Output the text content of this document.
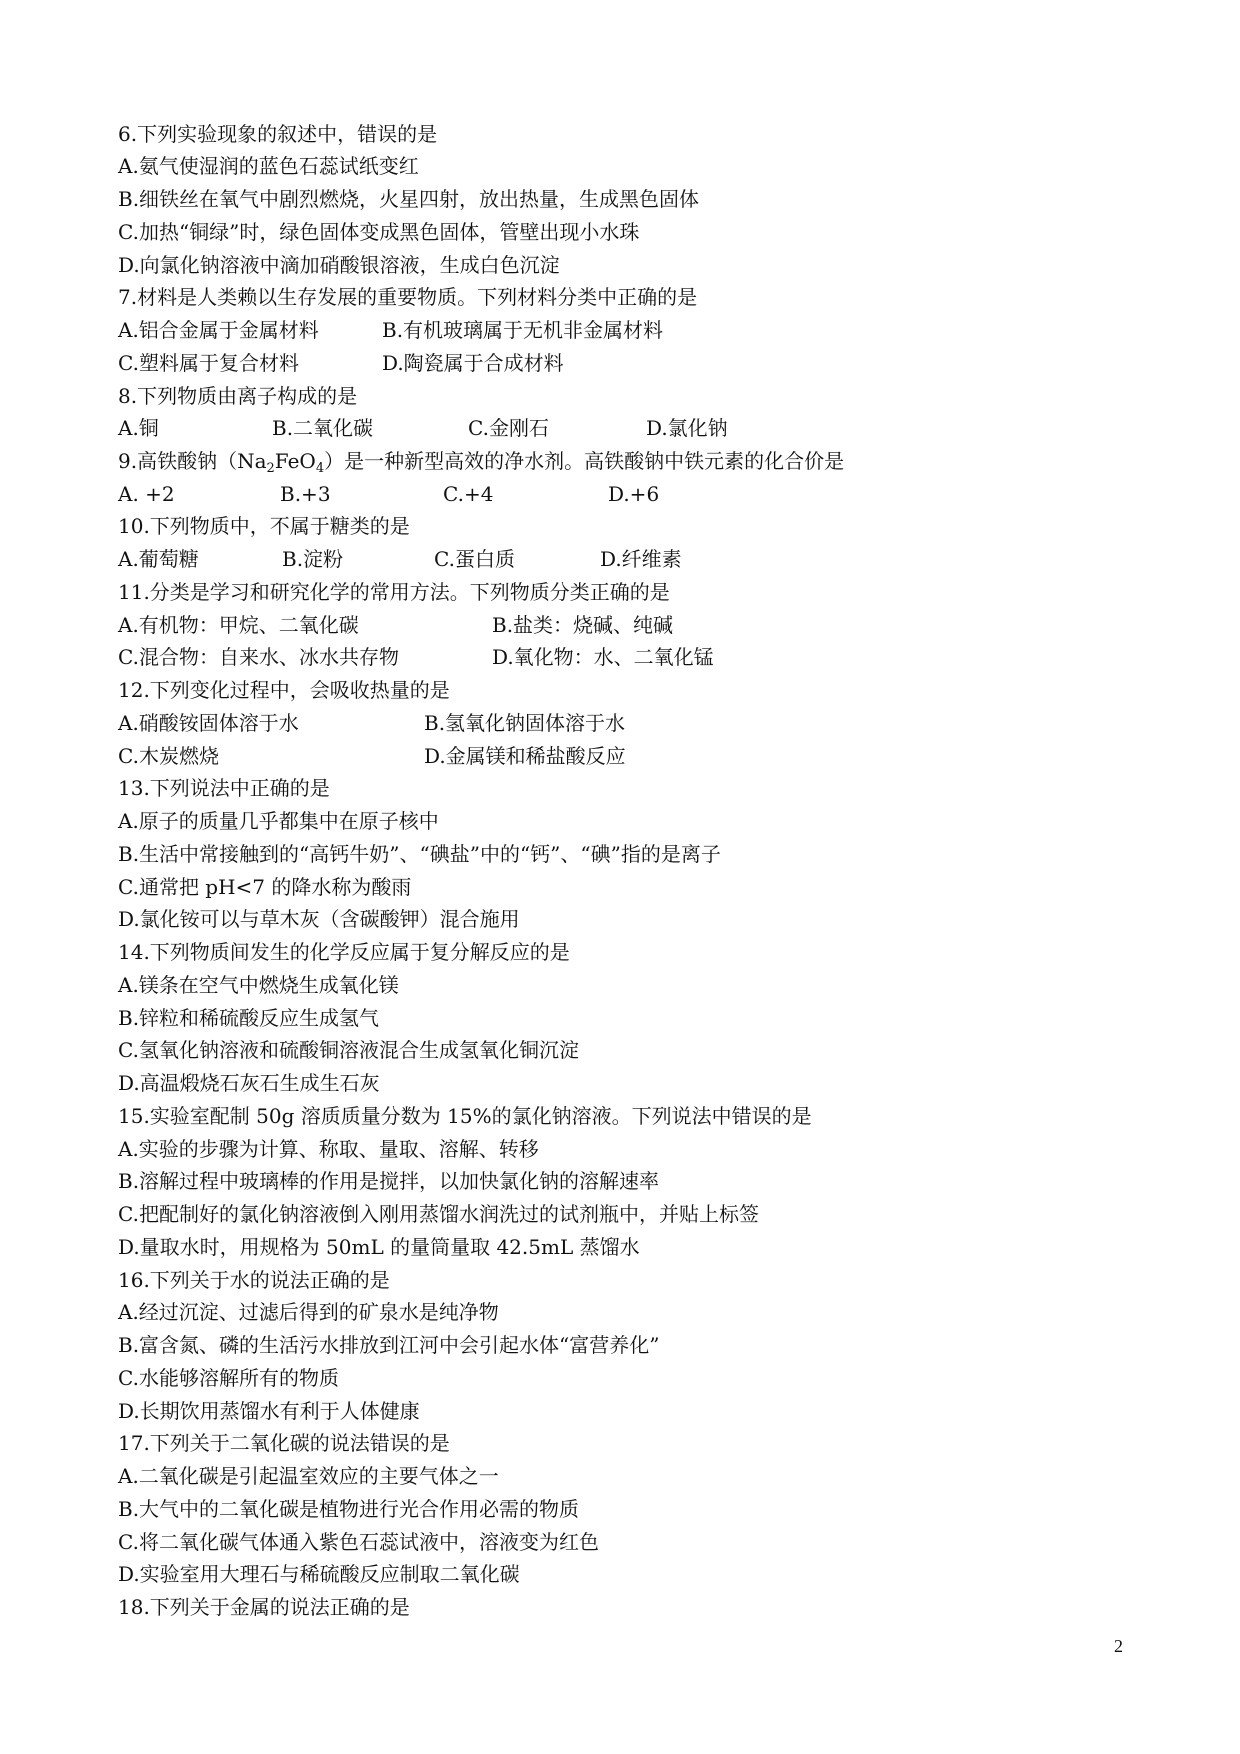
6.下列实验现象的叙述中，错误的是
A.氨气使湿润的蓝色石蕊试纸变红
B.细铁丝在氧气中剧烈燃烧，火星四射，放出热量，生成黑色固体
C.加热“铜绿”时，绿色固体变成黑色固体，管壁出现小水珠
D.向氯化钠溶液中滴加硝酸银溶液，生成白色沉淀
7.材料是人类赖以生存发展的重要物质。下列材料分类中正确的是
A.铝合金属于金属材料	B.有机玻璃属于无机非金属材料
C.塑料属于复合材料	D.陶瓷属于合成材料
8.下列物质由离子构成的是
A.铜	B.二氧化碳	C.金刚石	D.氯化钠
9.高铁酸钠$(Na_2FeO_4)$是一种新型高效的净水剂。高铁酸钠中铁元素的化合价是
A. +2	B.+3	C.+4	D.+6
10.下列物质中，不属于糖类的是
A.葡萄糖	B.淀粉	C.蛋白质	D.纤维素
11.分类是学习和研究化学的常用方法。下列物质分类正确的是
A.有机物：甲烷、二氧化碳	B.盐类：烧碱、纯碱
C.混合物：自来水、冰水共存物	D.氧化物：水、二氧化锰
12.下列变化过程中，会吸收热量的是
A.硝酸铵固体溶于水	B.氢氧化钠固体溶于水
C.木炭燃烧	D.金属镁和稀盐酸反应
13.下列说法中正确的是
A.原子的质量几乎都集中在原子核中
B.生活中常接触到的“高钙牛奶”、“碘盐”中的“钙”、“碘”指的是离子
C.通常把 pH<7 的降水称为酸雨
D.氯化铵可以与草木灰（含碳酸钾）混合施用
14.下列物质间发生的化学反应属于复分解反应的是
A.镁条在空气中燃烧生成氧化镁
B.锌粒和稀硫酸反应生成氢气
C.氢氧化钠溶液和硫酸铜溶液混合生成氢氧化铜沉淀
D.高温煅烧石灰石生成生石灰
15.实验室配制 50g 溶质质量分数为 15%的氯化钠溶液。下列说法中错误的是
A.实验的步骤为计算、称取、量取、溶解、转移
B.溶解过程中玻璃棒的作用是搅拌，以加快氯化钠的溶解速率
C.把配制好的氯化钠溶液倒入刚用蒸馏水润洗过的试剂瓶中，并贴上标签
D.量取水时，用规格为 50mL 的量筒量取 42.5mL 蒸馏水
16.下列关于水的说法正确的是
A.经过沉淀、过滤后得到的矿泉水是纯净物
B.富含氮、磷的生活污水排放到江河中会引起水体“富营养化”
C.水能够溶解所有的物质
D.长期饮用蒸馏水有利于人体健康
17.下列关于二氧化碳的说法错误的是
A.二氧化碳是引起温室效应的主要气体之一
B.大气中的二氧化碳是植物进行光合作用必需的物质
C.将二氧化碳气体通入紫色石蕊试液中，溶液变为红色
D.实验室用大理石与稀硫酸反应制取二氧化碳
18.下列关于金属的说法正确的是
2
